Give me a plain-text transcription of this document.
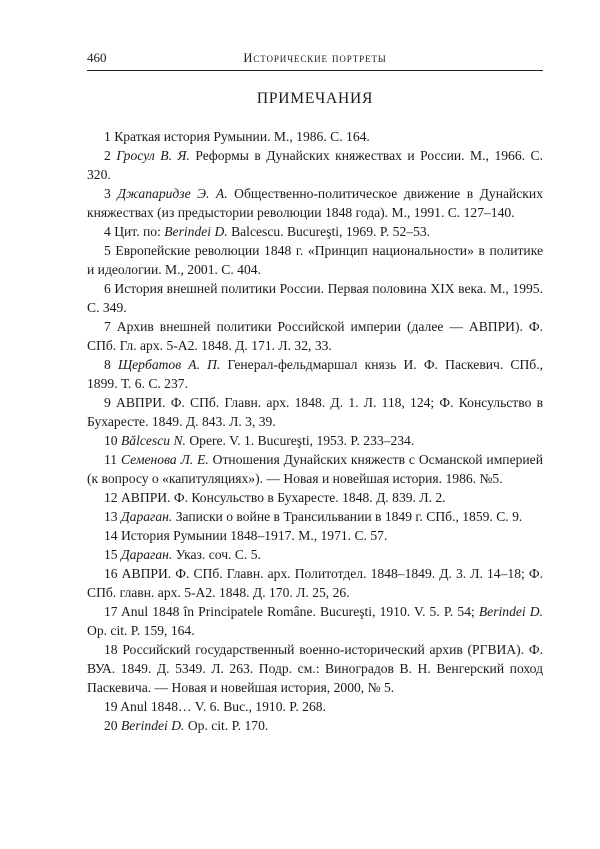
460	Исторические портреты
ПРИМЕЧАНИЯ

1 Краткая история Румынии. М., 1986. С. 164.

2 Гросул В. Я. Реформы в Дунайских княжествах и России. М., 1966. С. 320.

3 Джапаридзе Э. А. Общественно-политическое движение в Дунайских княжествах (из предыстории революции 1848 года). М., 1991. С. 127–140.

4 Цит. по: Berindei D. Balcescu. Bucureşti, 1969. P. 52–53.

5 Европейские революции 1848 г. «Принцип национальности» в политике и идеологии. М., 2001. С. 404.

6 История внешней политики России. Первая половина XIX века. М., 1995. С. 349.

7 Архив внешней политики Российской империи (далее — АВПРИ). Ф. СПб. Гл. арх. 5-А2. 1848. Д. 171. Л. 32, 33.

8 Щербатов А. П. Генерал-фельдмаршал князь И. Ф. Паскевич. СПб., 1899. Т. 6. С. 237.

9 АВПРИ. Ф. СПб. Главн. арх. 1848. Д. 1. Л. 118, 124; Ф. Консульство в Бухаресте. 1849. Д. 843. Л. 3, 39.

10 Bălcescu N. Opere. V. 1. Bucureşti, 1953. P. 233–234.

11 Семенова Л. Е. Отношения Дунайских княжеств с Османской империей (к вопросу о «капитуляциях»). — Новая и новейшая история. 1986. №5.

12 АВПРИ. Ф. Консульство в Бухаресте. 1848. Д. 839. Л. 2.

13 Дараган. Записки о войне в Трансильвании в 1849 г. СПб., 1859. С. 9.

14 История Румынии 1848–1917. М., 1971. С. 57.

15 Дараган. Указ. соч. С. 5.

16 АВПРИ. Ф. СПб. Главн. арх. Политотдел. 1848–1849. Д. 3. Л. 14–18; Ф. СПб. главн. арх. 5-А2. 1848. Д. 170. Л. 25, 26.

17 Anul 1848 în Principatele Române. Bucureşti, 1910. V. 5. P. 54; Berindei D. Op. cit. P. 159, 164.

18 Российский государственный военно-исторический архив (РГВИА). Ф. ВУА. 1849. Д. 5349. Л. 263. Подр. см.: Виноградов В. Н. Венгерский поход Паскевича. — Новая и новейшая история, 2000, № 5.

19 Anul 1848… V. 6. Buc., 1910. P. 268.

20 Berindei D. Op. cit. P. 170.
